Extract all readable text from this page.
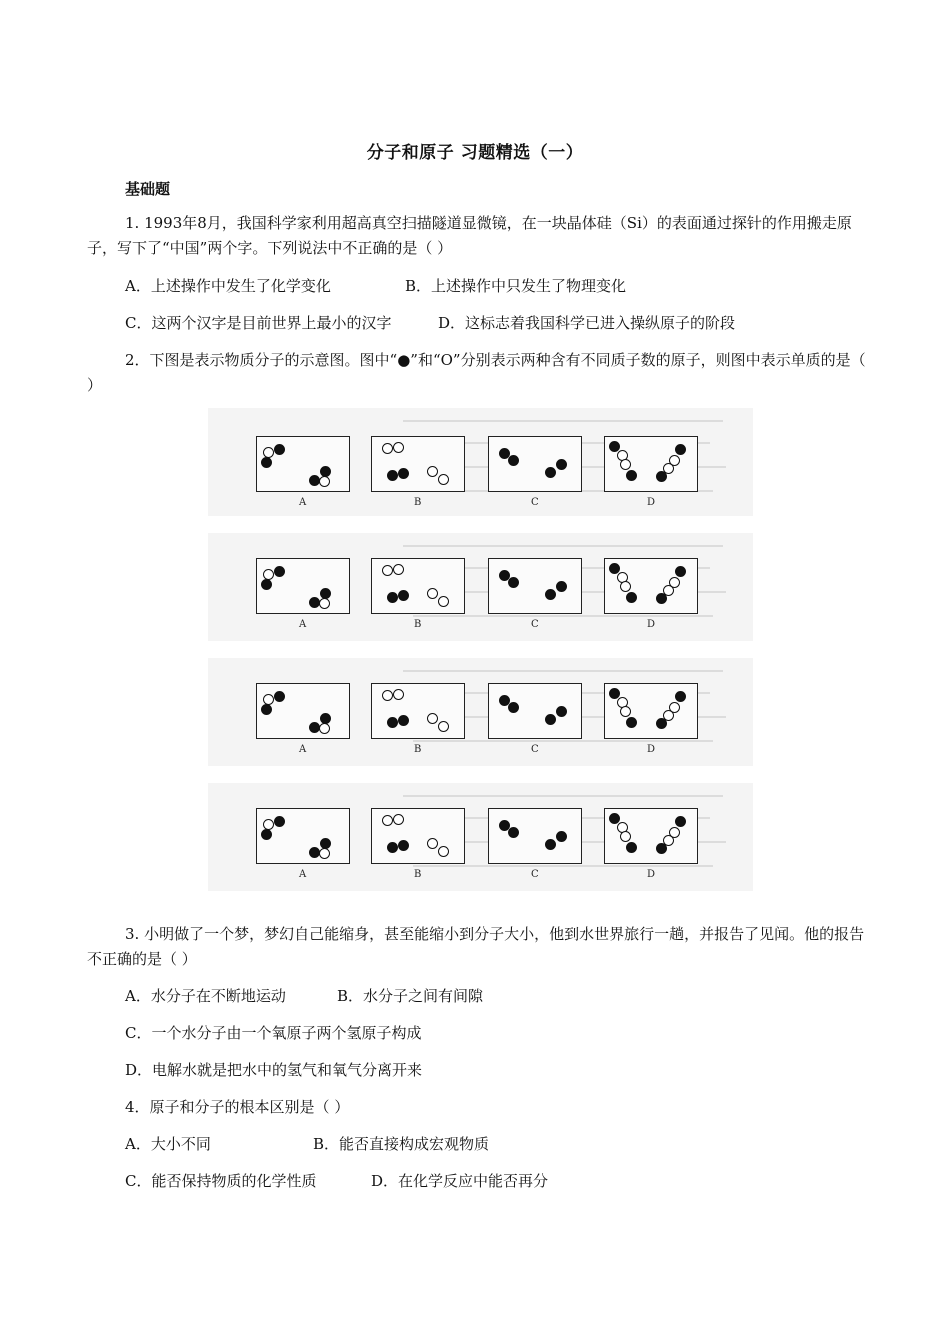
分子和原子 习题精选（一）
基础题
1. 1993年8月，我国科学家利用超高真空扫描隧道显微镜，在一块晶体硅（Si）的表面通过探针的作用搬走原子，写下了“中国”两个字。下列说法中不正确的是（ ）
A．上述操作中发生了化学变化	B．上述操作中只发生了物理变化
C．这两个汉字是目前世界上最小的汉字	D．这标志着我国科学已进入操纵原子的阶段
2．下图是表示物质分子的示意图。图中“●”和“O”分别表示两种含有不同质子数的原子，则图中表示单质的是（ ）
A	B	C	D
A	B	C	D
A	B	C	D
A	B	C	D
3. 小明做了一个梦，梦幻自己能缩身，甚至能缩小到分子大小，他到水世界旅行一趟，并报告了见闻。他的报告不正确的是（ ）
A．水分子在不断地运动	B．水分子之间有间隙
C．一个水分子由一个氧原子两个氢原子构成
D．电解水就是把水中的氢气和氧气分离开来
4．原子和分子的根本区别是（ ）
A．大小不同	B．能否直接构成宏观物质
C．能否保持物质的化学性质	D．在化学反应中能否再分
